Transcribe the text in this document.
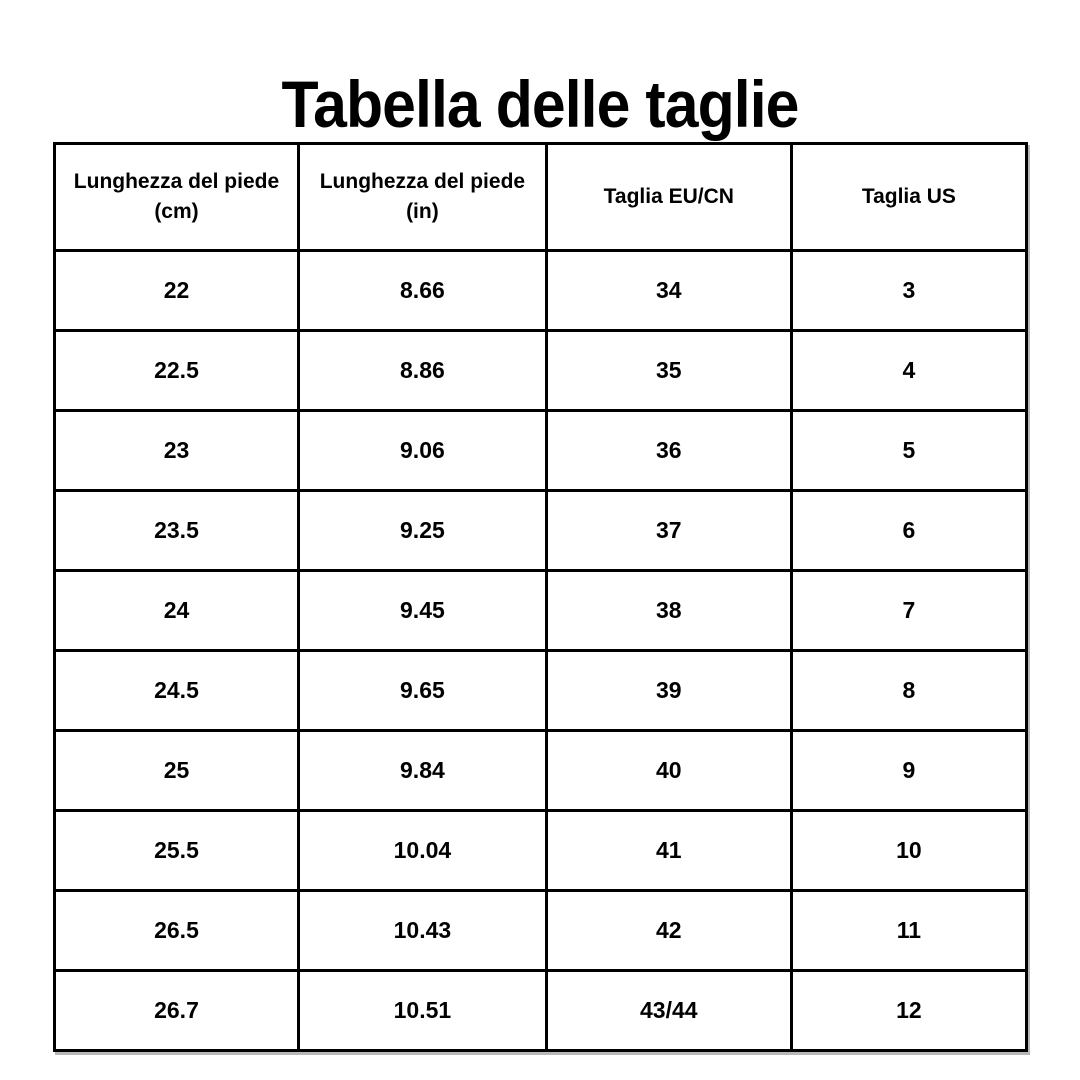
Tabella delle taglie
Lunghezza del piede (cm)	Lunghezza del piede (in)	Taglia EU/CN	Taglia US
22	8.66	34	3
22.5	8.86	35	4
23	9.06	36	5
23.5	9.25	37	6
24	9.45	38	7
24.5	9.65	39	8
25	9.84	40	9
25.5	10.04	41	10
26.5	10.43	42	11
26.7	10.51	43/44	12
